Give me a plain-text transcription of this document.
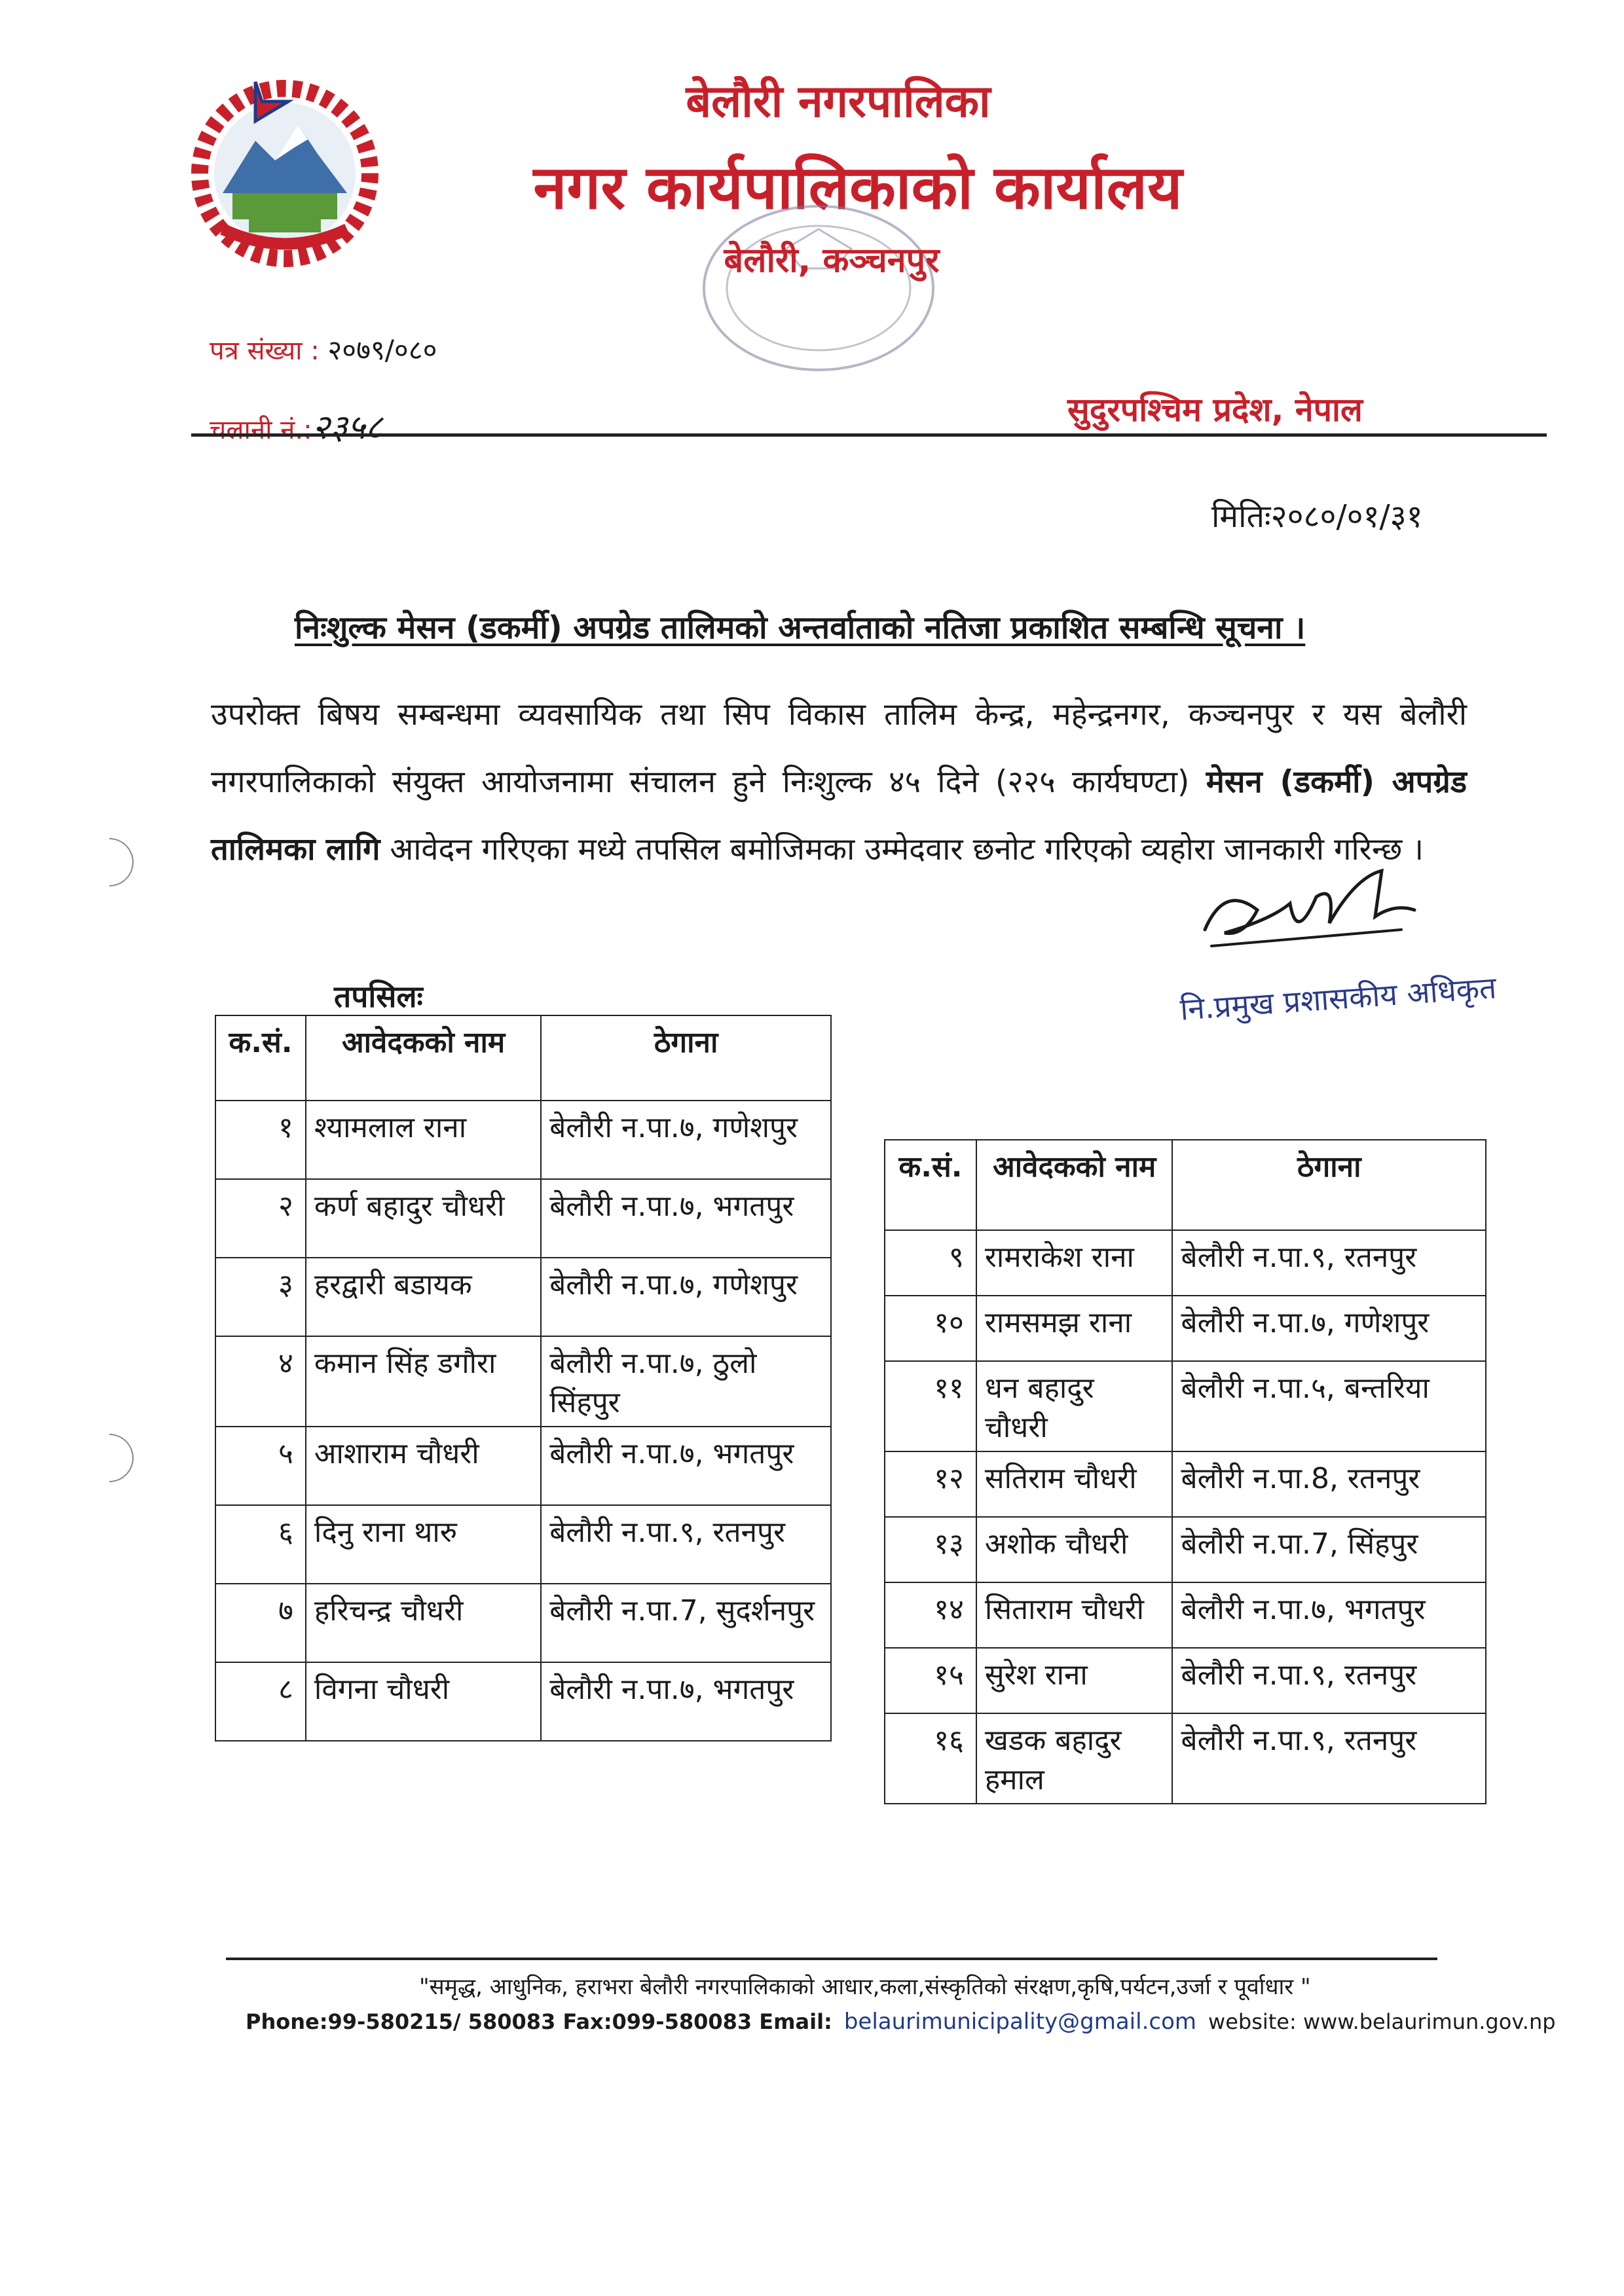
बेलौरी नगरपालिका
नगर कार्यपालिकाको कार्यालय
बेलौरी, कञ्चनपुर
पत्र संख्या : २०७९/०८०
चलानी नं.:२३५८	सुदुरपश्चिम प्रदेश, नेपाल
मितिः२०८०/०१/३१
निःशुल्क मेसन (डकर्मी) अपग्रेड तालिमको अन्तर्वाताको नतिजा प्रकाशित सम्बन्धि सूचना ।
उपरोक्त बिषय सम्बन्धमा व्यवसायिक तथा सिप विकास तालिम केन्द्र, महेन्द्रनगर, कञ्चनपुर र यस बेलौरी नगरपालिकाको संयुक्त आयोजनामा संचालन हुने निःशुल्क ४५ दिने (२२५ कार्यघण्टा) मेसन (डकर्मी) अपग्रेड तालिमका लागि आवेदन गरिएका मध्ये तपसिल बमोजिमका उम्मेदवार छनोट गरिएको व्यहोरा जानकारी गरिन्छ ।
नि.प्रमुख प्रशासकीय अधिकृत
तपसिलः
क.सं.	आवेदकको नाम	ठेगाना
१	श्यामलाल राना	बेलौरी न.पा.७, गणेशपुर
२	कर्ण बहादुर चौधरी	बेलौरी न.पा.७, भगतपुर
३	हरद्वारी बडायक	बेलौरी न.पा.७, गणेशपुर
४	कमान सिंह डगौरा	बेलौरी न.पा.७, ठुलो सिंहपुर
५	आशाराम चौधरी	बेलौरी न.पा.७, भगतपुर
६	दिनु राना थारु	बेलौरी न.पा.९, रतनपुर
७	हरिचन्द्र चौधरी	बेलौरी न.पा.7, सुदर्शनपुर
८	विगना चौधरी	बेलौरी न.पा.७, भगतपुर
क.सं.	आवेदकको नाम	ठेगाना
९	रामराकेश राना	बेलौरी न.पा.९, रतनपुर
१०	रामसमझ राना	बेलौरी न.पा.७, गणेशपुर
११	धन बहादुर चौधरी	बेलौरी न.पा.५, बन्तरिया
१२	सतिराम चौधरी	बेलौरी न.पा.8, रतनपुर
१३	अशोक चौधरी	बेलौरी न.पा.7, सिंहपुर
१४	सिताराम चौधरी	बेलौरी न.पा.७, भगतपुर
१५	सुरेश राना	बेलौरी न.पा.९, रतनपुर
१६	खडक बहादुर हमाल	बेलौरी न.पा.९, रतनपुर
"समृद्ध, आधुनिक, हराभरा बेलौरी नगरपालिकाको आधार,कला,संस्कृतिको संरक्षण,कृषि,पर्यटन,उर्जा र पूर्वाधार "
Phone:99-580215/ 580083 Fax:099-580083 Email: belaurimunicipality@gmail.com website: www.belaurimun.gov.np
